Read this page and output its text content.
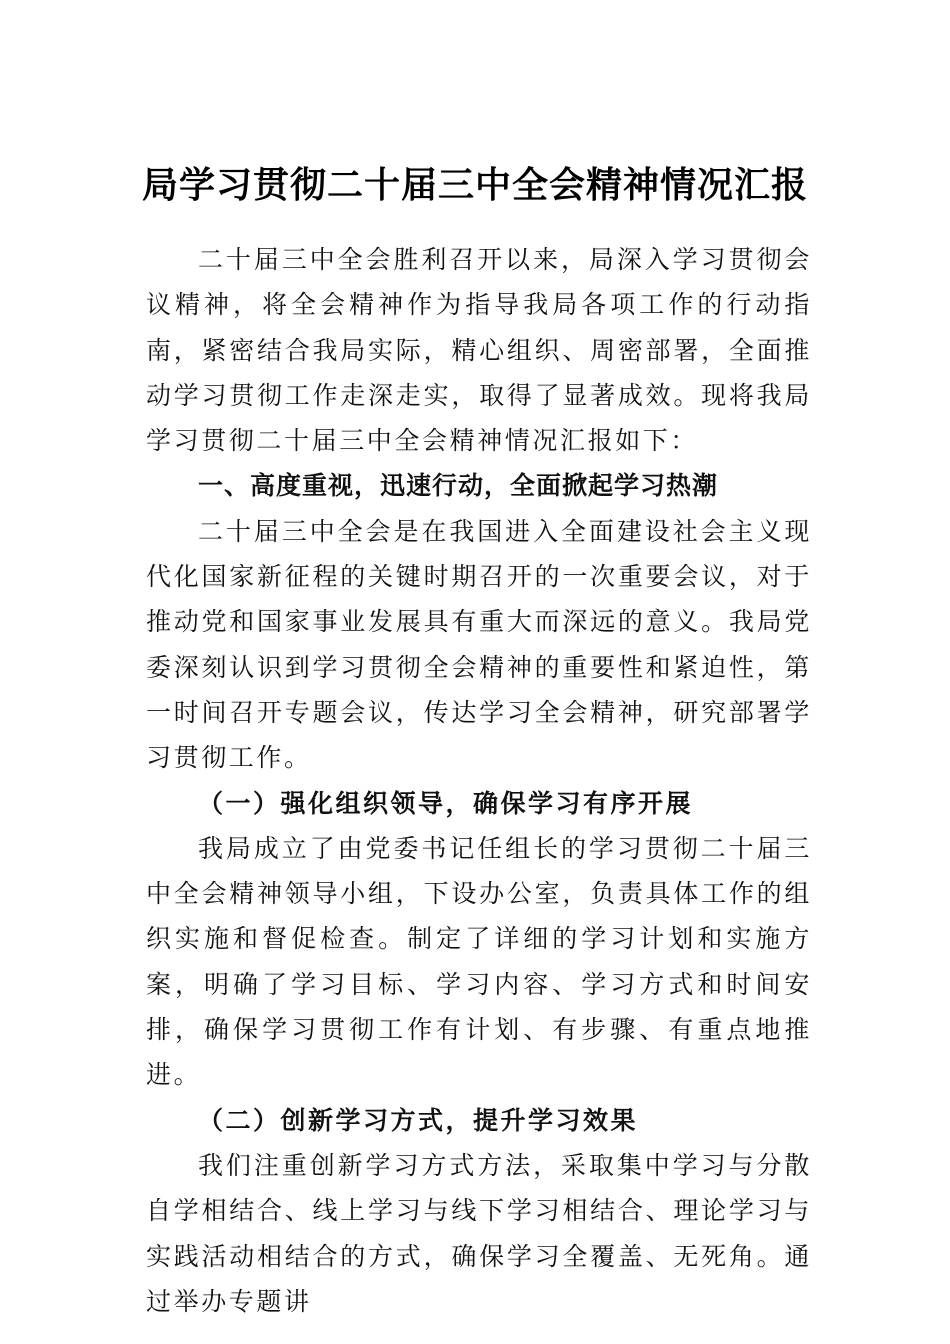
局学习贯彻二十届三中全会精神情况汇报

二十届三中全会胜利召开以来，局深入学习贯彻会议精神，将全会精神作为指导我局各项工作的行动指南，紧密结合我局实际，精心组织、周密部署，全面推动学习贯彻工作走深走实，取得了显著成效。现将我局学习贯彻二十届三中全会精神情况汇报如下：

一、高度重视，迅速行动，全面掀起学习热潮

二十届三中全会是在我国进入全面建设社会主义现代化国家新征程的关键时期召开的一次重要会议，对于推动党和国家事业发展具有重大而深远的意义。我局党委深刻认识到学习贯彻全会精神的重要性和紧迫性，第一时间召开专题会议，传达学习全会精神，研究部署学习贯彻工作。

（一）强化组织领导，确保学习有序开展

我局成立了由党委书记任组长的学习贯彻二十届三中全会精神领导小组，下设办公室，负责具体工作的组织实施和督促检查。制定了详细的学习计划和实施方案，明确了学习目标、学习内容、学习方式和时间安排，确保学习贯彻工作有计划、有步骤、有重点地推进。

（二）创新学习方式，提升学习效果

我们注重创新学习方式方法，采取集中学习与分散自学相结合、线上学习与线下学习相结合、理论学习与实践活动相结合的方式，确保学习全覆盖、无死角。通过举办专题讲
